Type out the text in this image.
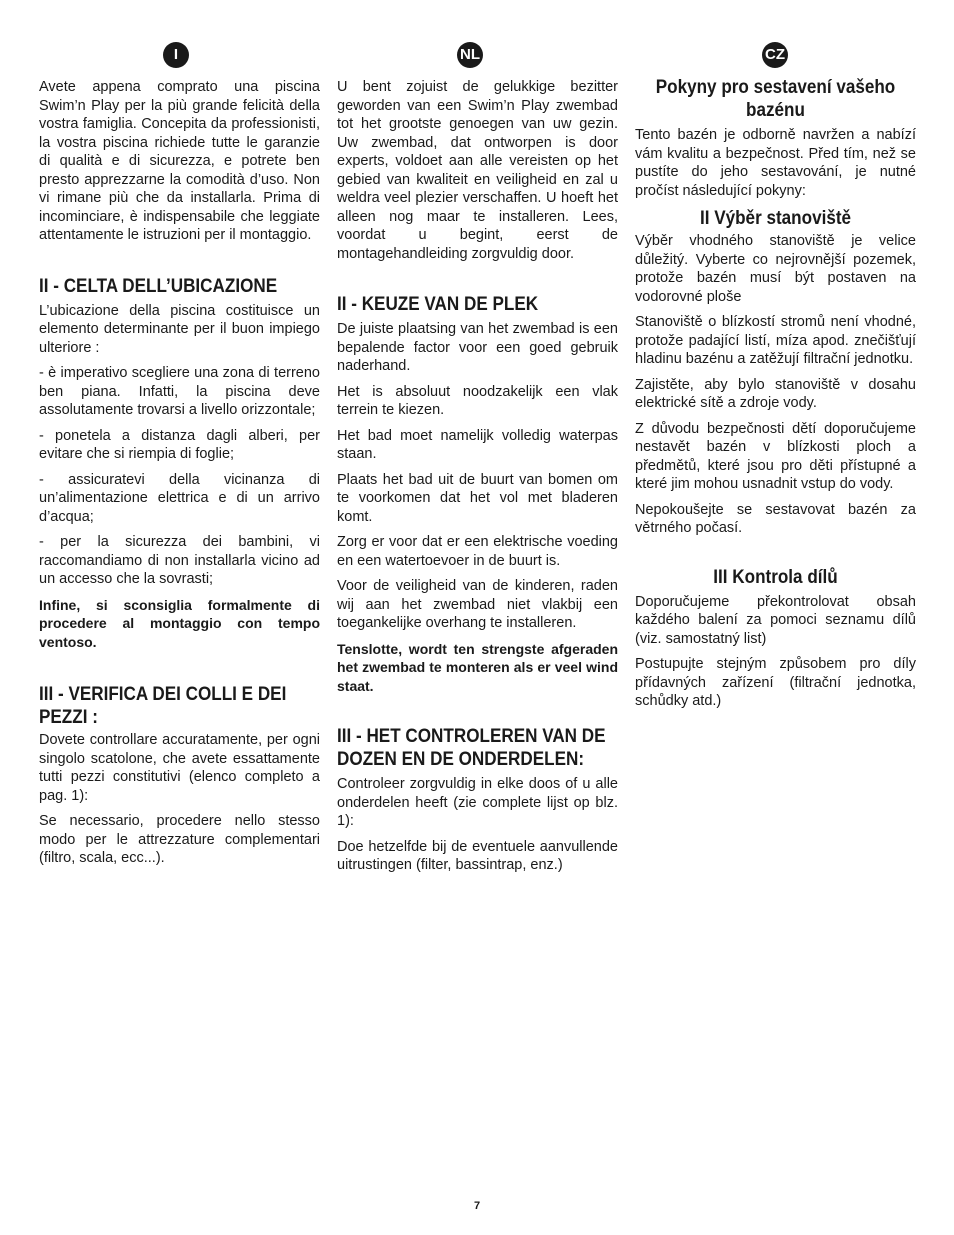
I

Avete appena comprato una piscina Swim’n Play per la più grande felicità della vostra famiglia. Concepita da professionisti, la vostra piscina richiede tutte le garanzie di qualità e di sicurezza, e potrete ben presto apprezzarne la comodità d’uso. Non vi rimane più che da installarla. Prima di incominciare, è indispensabile che leggiate attentamente le istruzioni per il montaggio.

II - CELTA DELL’UBICAZIONE

L’ubicazione della piscina costituisce un elemento determinante per il buon impiego ulteriore :

- è imperativo scegliere una zona di terreno ben piana. Infatti, la piscina deve assolutamente trovarsi a livello orizzontale;

- ponetela a distanza dagli alberi, per evitare che si riempia di foglie;

- assicuratevi della vicinanza di un’alimentazione elettrica e di un arrivo d’acqua;

- per la sicurezza dei bambini, vi raccomandiamo di non installarla vicino ad un accesso che la sovrasti;

Infine, si sconsiglia formalmente di procedere al montaggio con tempo ventoso.

III - VERIFICA DEI COLLI E DEI PEZZI :

Dovete controllare accuratamente, per ogni singolo scatolone, che avete essattamente tutti pezzi constitutivi (elenco completo a pag. 1):

Se necessario, procedere nello stesso modo per le attrezzature complementari (filtro, scala, ecc...).

NL

U bent zojuist de gelukkige bezitter geworden van een Swim’n Play zwembad tot het grootste genoegen van uw gezin. Uw zwembad, dat ontworpen is door experts, voldoet aan alle vereisten op het gebied van kwaliteit en veiligheid en zal u weldra veel plezier verschaffen. U hoeft het alleen nog maar te installeren. Lees, voordat u begint, eerst de montagehandleiding zorgvuldig door.

II - KEUZE VAN DE PLEK

De juiste plaatsing van het zwembad is een bepalende factor voor een goed gebruik naderhand.

Het is absoluut noodzakelijk een vlak terrein te kiezen.

Het bad moet namelijk volledig waterpas staan.

Plaats het bad uit de buurt van bomen om te voorkomen dat het vol met bladeren komt.

Zorg er voor dat er een elektrische voeding en een watertoevoer in de buurt is.

Voor de veiligheid van de kinderen, raden wij aan het zwembad niet vlakbij een toegankelijke overhang te installeren.

Tenslotte, wordt ten strengste afgeraden het zwembad te monteren als er veel wind staat.

III - HET CONTROLEREN VAN DE DOZEN EN DE ONDERDELEN:

Controleer zorgvuldig in elke doos of u alle onderdelen heeft (zie complete lijst op blz. 1):

Doe hetzelfde bij de eventuele aanvullende uitrustingen (filter, bassintrap, enz.)

CZ
Pokyny pro sestavení vašeho bazénu

Tento bazén je odborně navržen a nabízí vám kvalitu a bezpečnost. Před tím, než se pustíte do jeho sestavování, je nutné pročíst následující pokyny:

II Výběr stanoviště

Výběr vhodného stanoviště je velice důležitý. Vyberte co nejrovnější pozemek, protože bazén musí být postaven na vodorovné ploše

Stanoviště o blízkostí stromů není vhodné, protože padající listí, míza apod. znečišťují hladinu bazénu a zatěžují filtrační jednotku.

Zajistěte, aby bylo stanoviště v dosahu elektrické sítě a zdroje vody.

Z důvodu bezpečnosti dětí doporučujeme nestavět bazén v blízkosti ploch a předmětů, které jsou pro děti přístupné a které jim mohou usnadnit vstup do vody.

Nepokoušejte se sestavovat bazén za větrného počasí.

III Kontrola dílů

Doporučujeme překontrolovat obsah každého balení za pomoci seznamu dílů (viz. samostatný list)

Postupujte stejným způsobem pro díly přídavných zařízení (filtrační jednotka, schůdky atd.)

7
